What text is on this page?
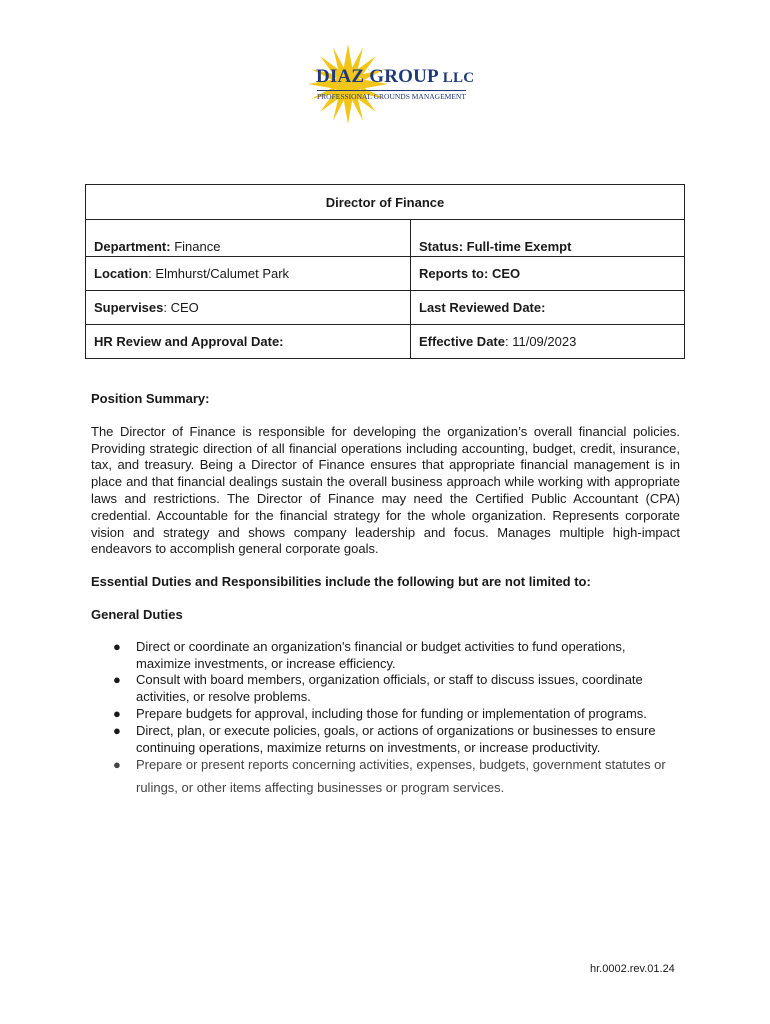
DIAZ GROUP LLC
PROFESSIONAL GROUNDS MANAGEMENT
Director of Finance	
Department: Finance	Status: Full-time Exempt
Location: Elmhurst/Calumet Park	Reports to: CEO
Supervises: CEO	Last Reviewed Date:
HR Review and Approval Date:	Effective Date: 11/09/2023

Position Summary:

The Director of Finance is responsible for developing the organization’s overall financial policies. Providing strategic direction of all financial operations including accounting, budget, credit, insurance, tax, and treasury. Being a Director of Finance ensures that appropriate financial management is in place and that financial dealings sustain the overall business approach while working with appropriate laws and restrictions. The Director of Finance may need the Certified Public Accountant (CPA) credential. Accountable for the financial strategy for the whole organization. Represents corporate vision and strategy and shows company leadership and focus. Manages multiple high-impact endeavors to accomplish general corporate goals.

Essential Duties and Responsibilities include the following but are not limited to:

General Duties

● Direct or coordinate an organization's financial or budget activities to fund operations, maximize investments, or increase efficiency.
● Consult with board members, organization officials, or staff to discuss issues, coordinate activities, or resolve problems.
● Prepare budgets for approval, including those for funding or implementation of programs.
● Direct, plan, or execute policies, goals, or actions of organizations or businesses to ensure continuing operations, maximize returns on investments, or increase productivity.
● Prepare or present reports concerning activities, expenses, budgets, government statutes or rulings, or other items affecting businesses or program services.
hr.0002.rev.01.24
